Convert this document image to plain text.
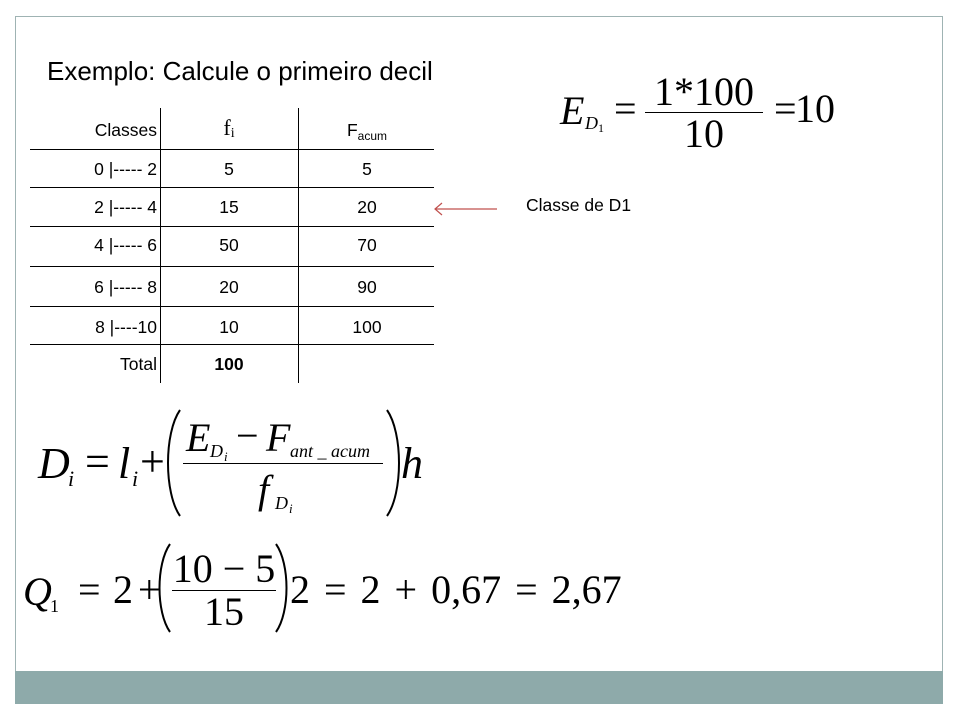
Exemplo: Calcule o primeiro decil
Classes	$f_i$	$F_{acum}$
0 |----- 2	5	5
2 |----- 4	15	20
4 |----- 6	50	70
6 |----- 8	20	90
8 |----10	10	100
Total	100
Classe de D1
E D 1 = 1*100
10
=
10
D
i = l i + E D i − F ant _ acum
f D i
h
Q
1 = 2 + 10 − 5
15	2 = 2 + 0,67 = 2,67
